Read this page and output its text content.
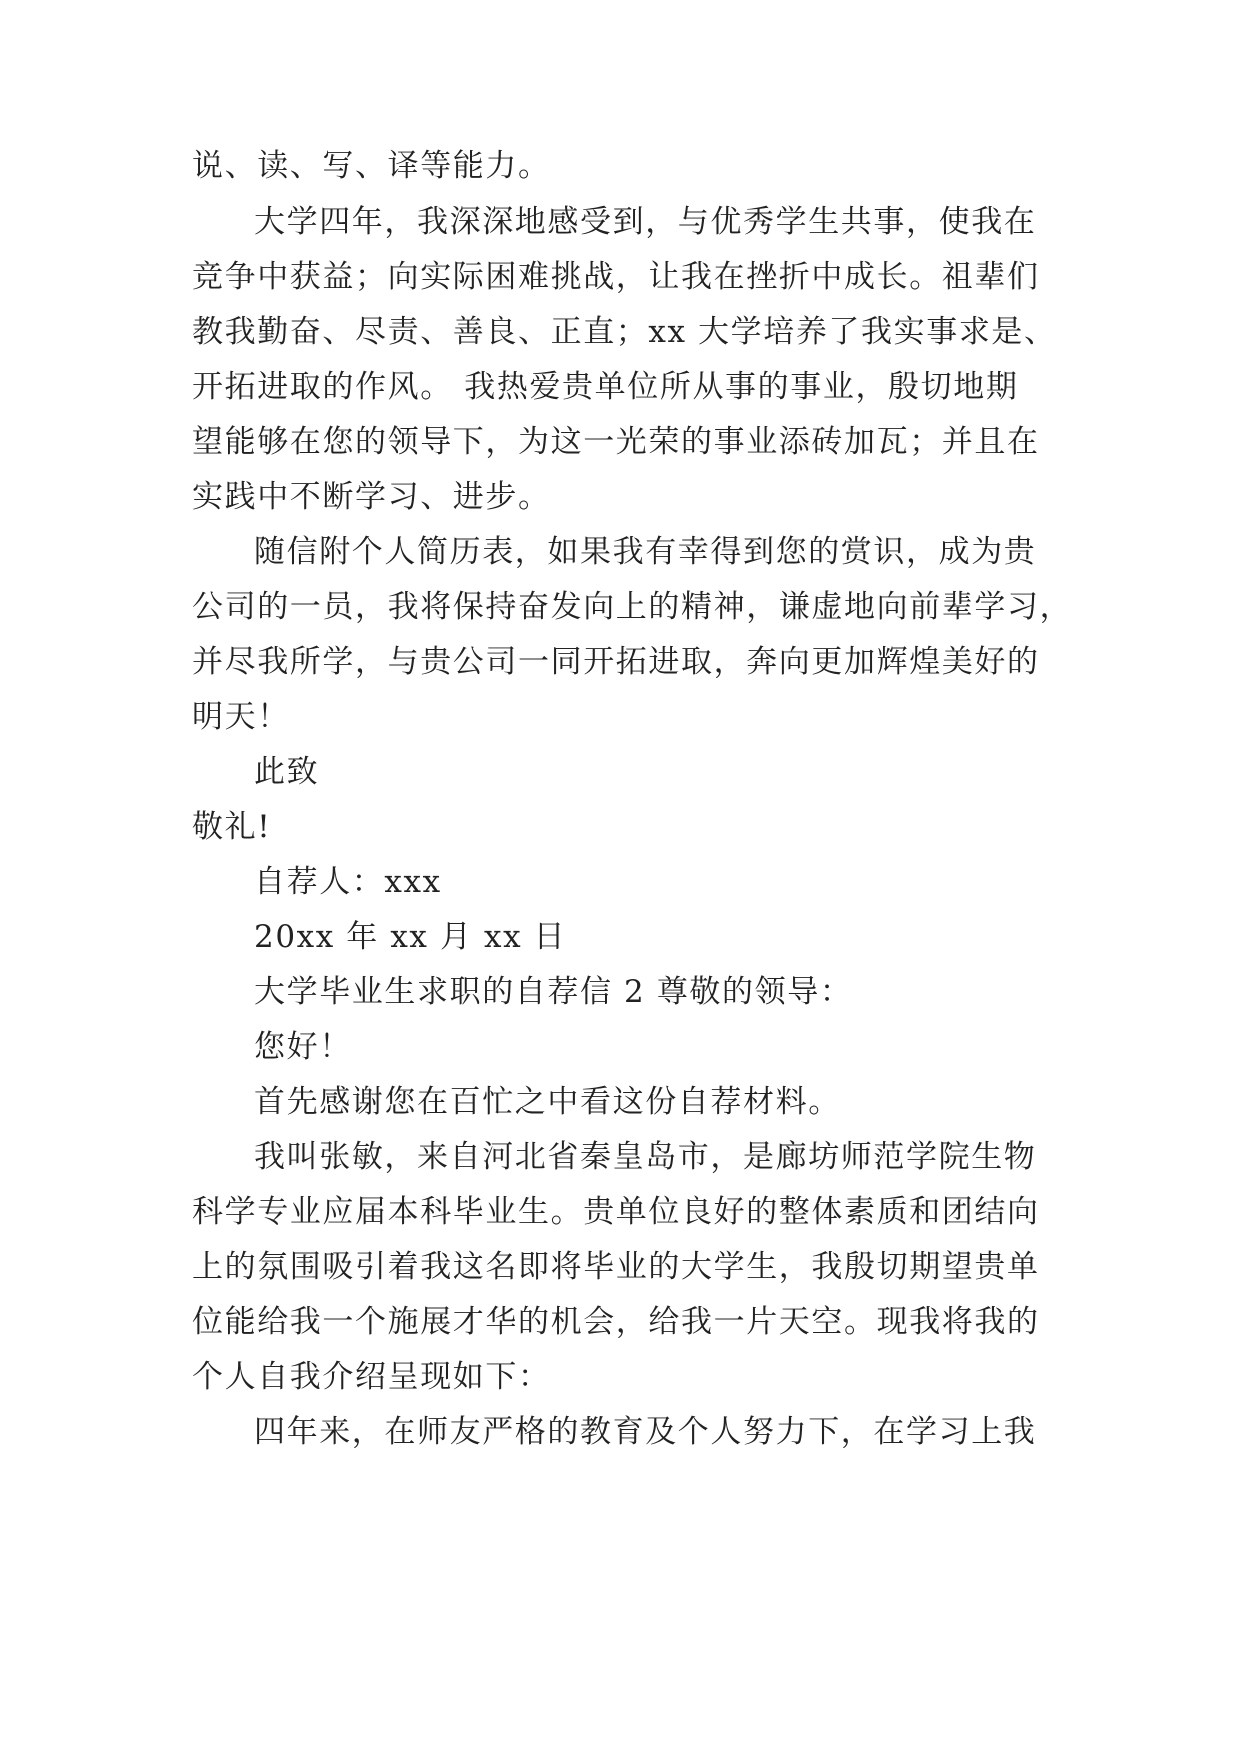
说、读、写、译等能力。
大学四年，我深深地感受到，与优秀学生共事，使我在
竞争中获益；向实际困难挑战，让我在挫折中成长。祖辈们
教我勤奋、尽责、善良、正直；xx 大学培养了我实事求是、
开拓进取的作风。 我热爱贵单位所从事的事业，殷切地期
望能够在您的领导下，为这一光荣的事业添砖加瓦；并且在
实践中不断学习、进步。
随信附个人简历表，如果我有幸得到您的赏识，成为贵
公司的一员，我将保持奋发向上的精神，谦虚地向前辈学习，
并尽我所学，与贵公司一同开拓进取，奔向更加辉煌美好的
明天！
此致
敬礼!
自荐人：xxx
20xx 年 xx 月 xx 日
大学毕业生求职的自荐信 2 尊敬的领导：
您好！
首先感谢您在百忙之中看这份自荐材料。
我叫张敏，来自河北省秦皇岛市，是廊坊师范学院生物
科学专业应届本科毕业生。贵单位良好的整体素质和团结向
上的氛围吸引着我这名即将毕业的大学生，我殷切期望贵单
位能给我一个施展才华的机会，给我一片天空。现我将我的
个人自我介绍呈现如下：
四年来，在师友严格的教育及个人努力下，在学习上我
